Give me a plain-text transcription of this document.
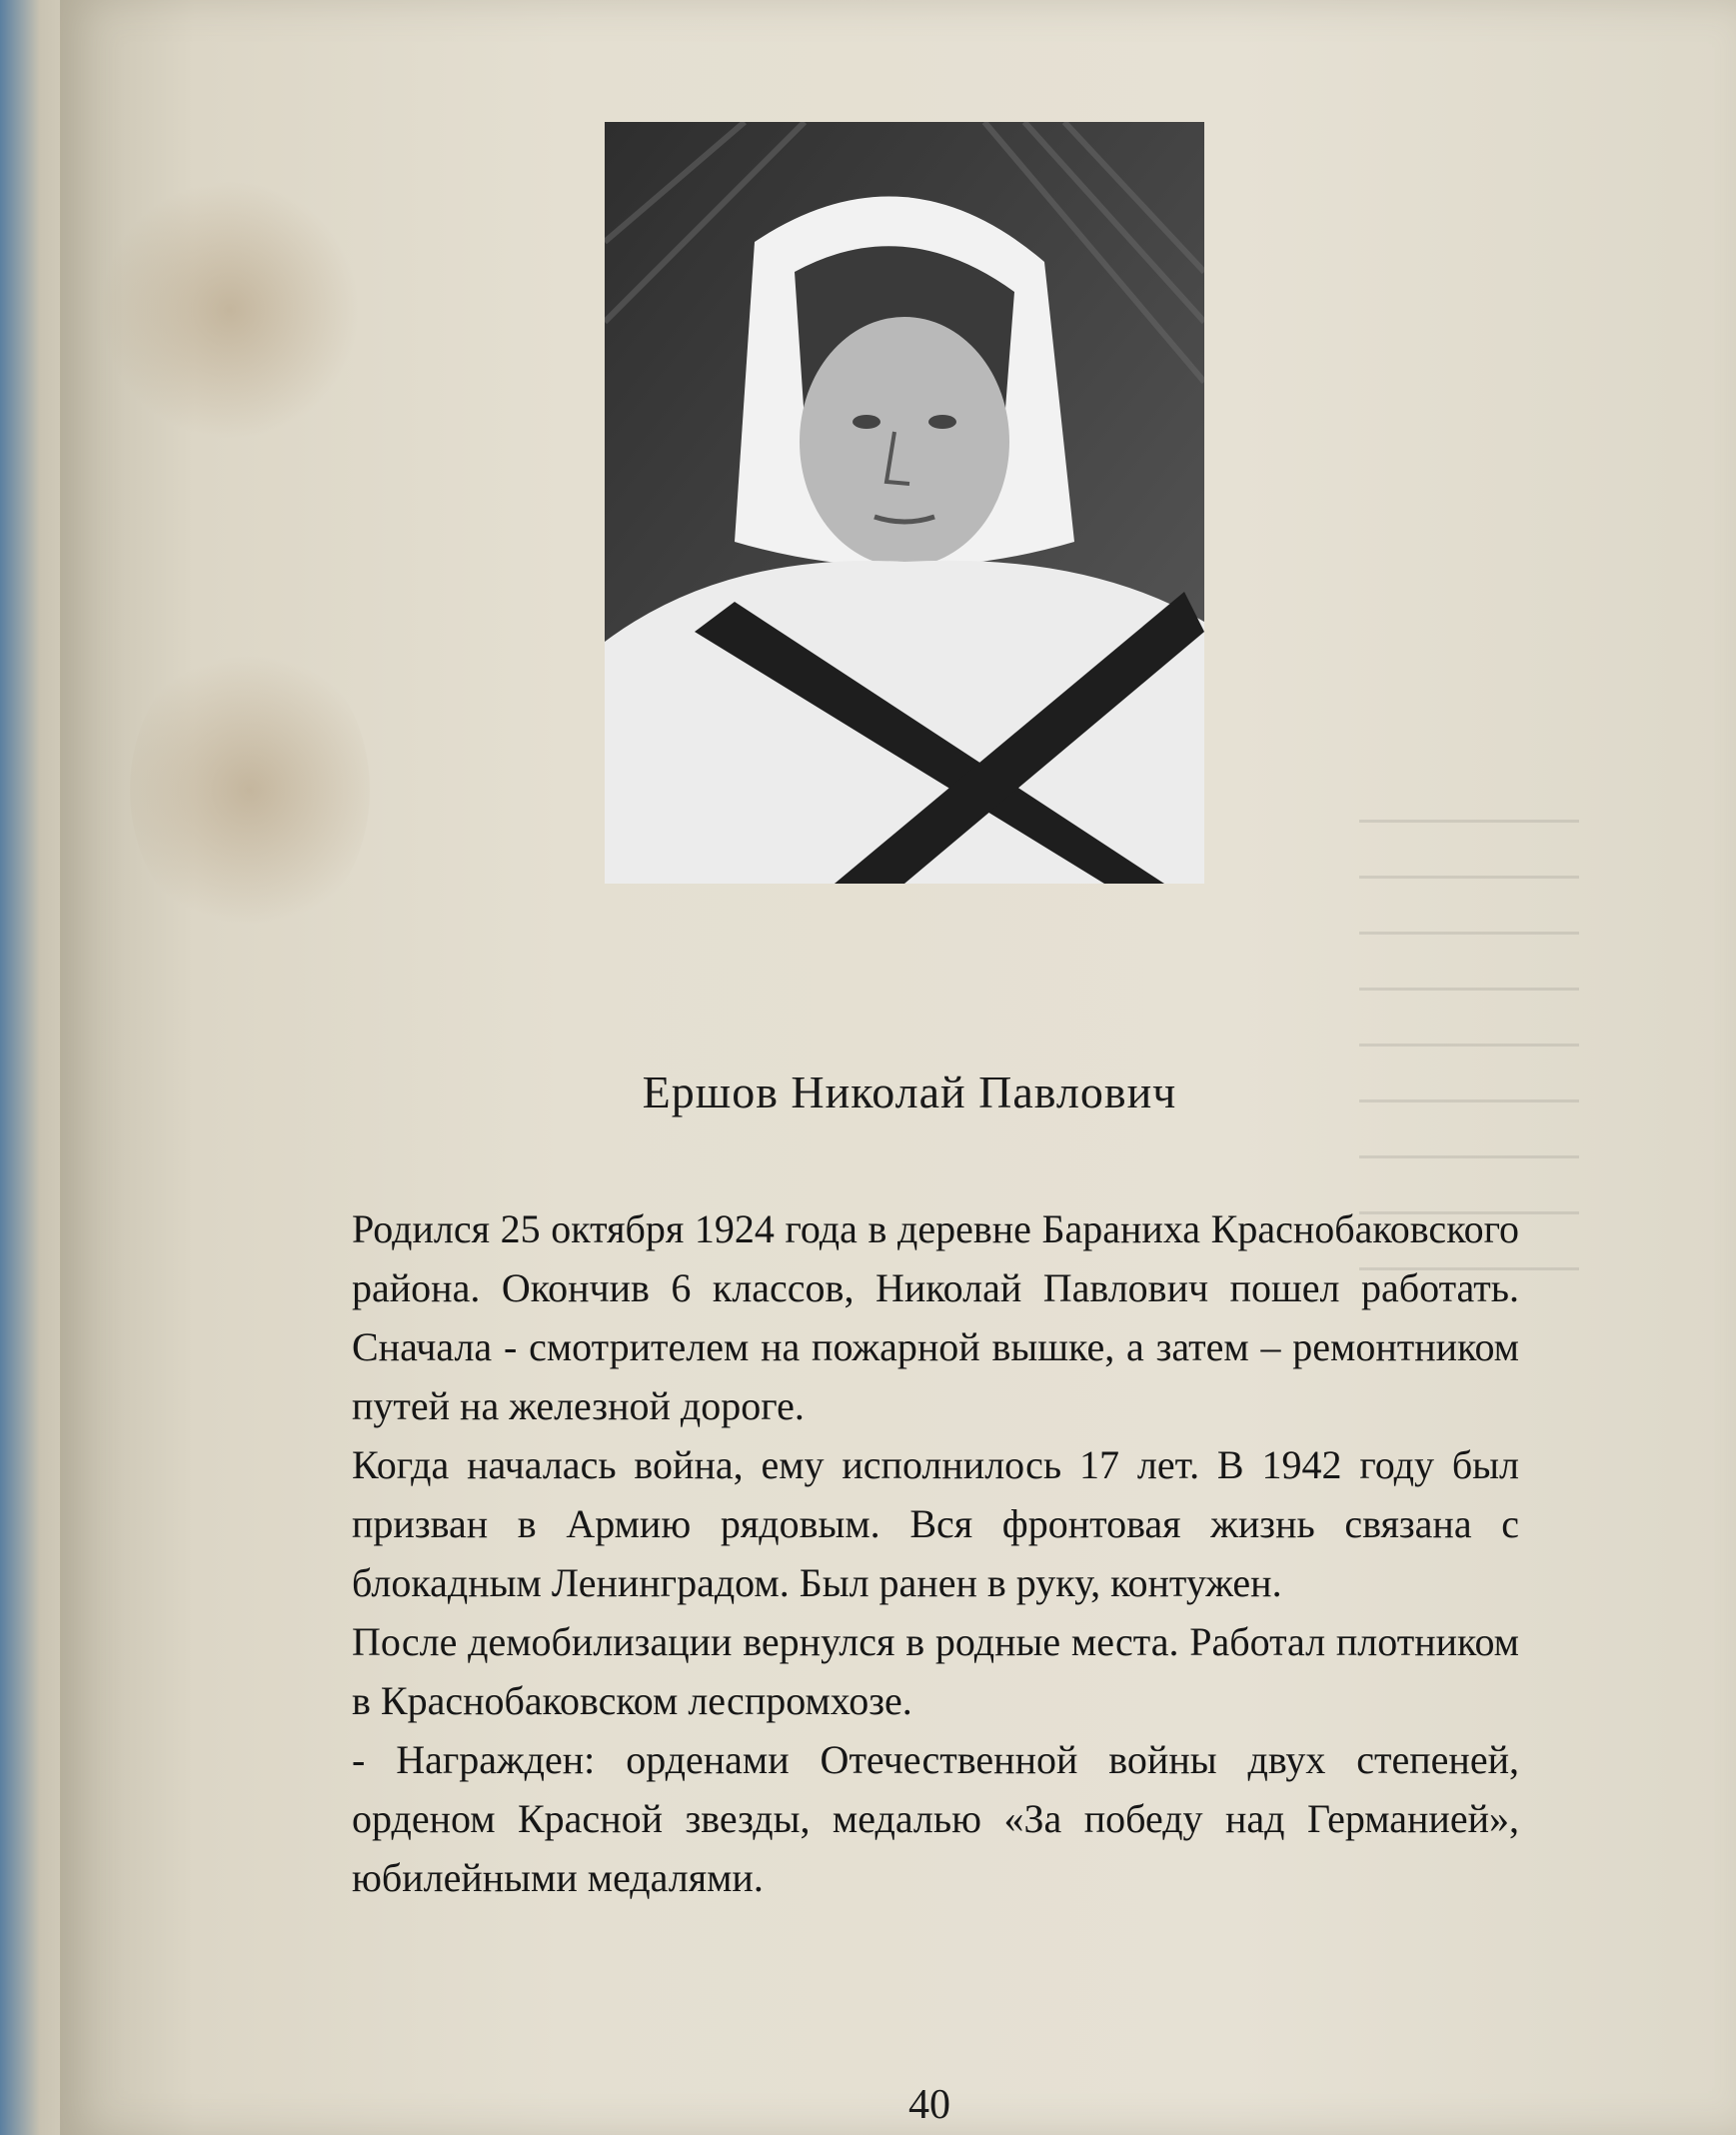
Ершов Николай Павлович

Родился 25 октября 1924 года в деревне Бараниха Краснобаковского района. Окончив 6 классов, Николай Павлович пошел работать. Сначала - смотрителем на пожарной вышке, а затем – ремонтником путей на железной дороге.

Когда началась война, ему исполнилось 17 лет. В 1942 году был призван в Армию рядовым. Вся фронтовая жизнь связана с блокадным Ленинградом. Был ранен в руку, контужен.

После демобилизации вернулся в родные места. Работал плотником в Краснобаковском леспромхозе.

- Награжден: орденами Отечественной войны двух степеней, орденом Красной звезды, медалью «За победу над Германией», юбилейными медалями.

40
